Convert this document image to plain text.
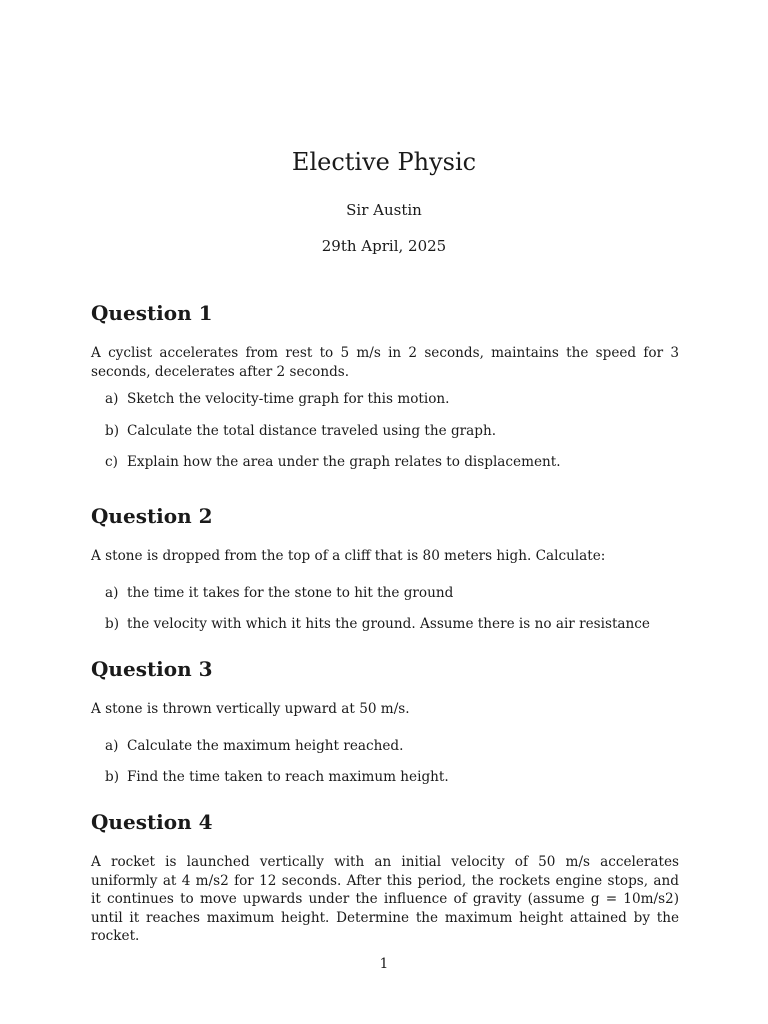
Elective Physic
Sir Austin
29th April, 2025
Question 1

A cyclist accelerates from rest to 5 m/s in 2 seconds, maintains the speed for 3 seconds, decelerates after 2 seconds.

a) Sketch the velocity-time graph for this motion.
b) Calculate the total distance traveled using the graph.
c) Explain how the area under the graph relates to displacement.
Question 2

A stone is dropped from the top of a cliff that is 80 meters high. Calculate:

a) the time it takes for the stone to hit the ground
b) the velocity with which it hits the ground. Assume there is no air resistance
Question 3

A stone is thrown vertically upward at 50 m/s.

a) Calculate the maximum height reached.
b) Find the time taken to reach maximum height.
Question 4

A rocket is launched vertically with an initial velocity of 50 m/s accelerates uniformly at 4 m/s2 for 12 seconds. After this period, the rockets engine stops, and it continues to move upwards under the influence of gravity (assume g = 10m/s2) until it reaches maximum height. Determine the maximum height attained by the rocket.

1
